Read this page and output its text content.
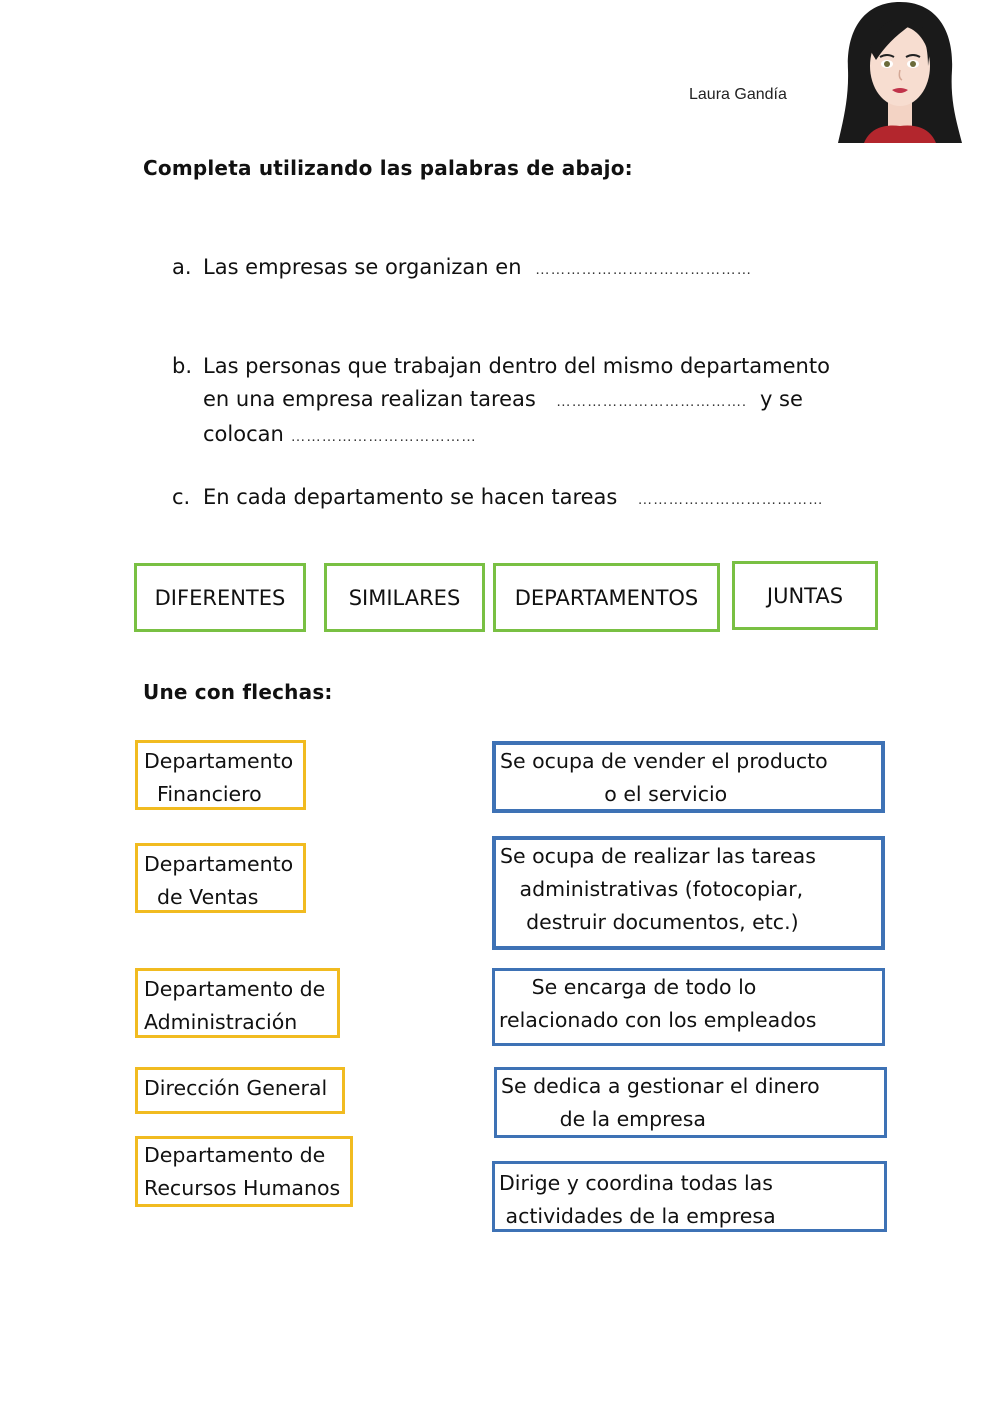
Laura Gandía
Completa utilizando las palabras de abajo:
a. Las empresas se organizan en  ……………………………………
b. Las personas que trabajan dentro del mismo departamento
en una empresa realizan tareas   ……………………………….  y se
colocan ………………………………
c. En cada departamento se hacen tareas   ………………………………
DIFERENTES	SIMILARES	DEPARTAMENTOS	JUNTAS
Une con flechas:
Departamento
Financiero
Departamento
de Ventas
Departamento de
Administración
Dirección General
Departamento de
Recursos Humanos
Se ocupa de vender el producto
o el servicio
Se ocupa de realizar las tareas
administrativas (fotocopiar,
destruir documentos, etc.)
Se encarga de todo lo
relacionado con los empleados
Se dedica a gestionar el dinero
de la empresa
Dirige y coordina todas las
actividades de la empresa
